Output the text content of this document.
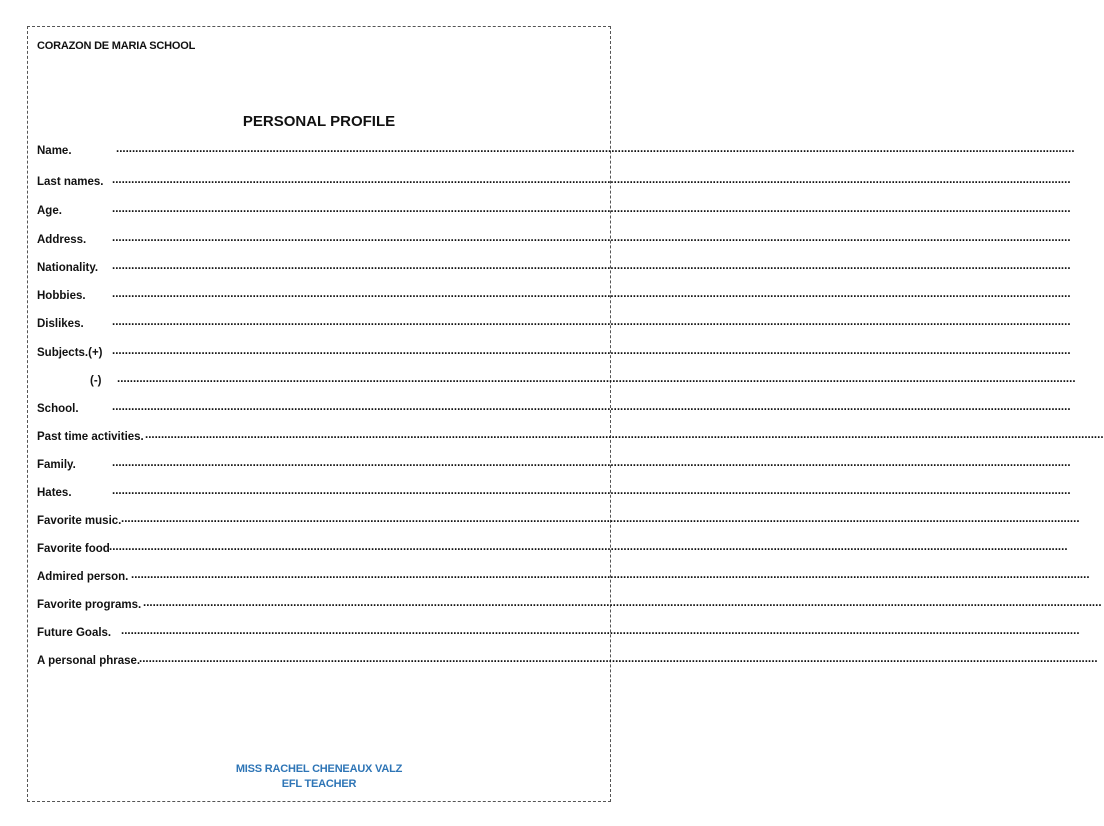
CORAZON DE MARIA SCHOOL
PERSONAL PROFILE
Name.	............................................................................................................................................................................................................................................................................................................
Last names. ............................................................................................................................................................................................................................................................................................................
Age.	............................................................................................................................................................................................................................................................................................................
Address. ............................................................................................................................................................................................................................................................................................................
Nationality. ............................................................................................................................................................................................................................................................................................................
Hobbies. ............................................................................................................................................................................................................................................................................................................
Dislikes. ............................................................................................................................................................................................................................................................................................................
Subjects.(+) ............................................................................................................................................................................................................................................................................................................
(-) ............................................................................................................................................................................................................................................................................................................
School.	............................................................................................................................................................................................................................................................................................................
Past time activities. ............................................................................................................................................................................................................................................................................................................
Family.	............................................................................................................................................................................................................................................................................................................
Hates.	............................................................................................................................................................................................................................................................................................................
Favorite music. ............................................................................................................................................................................................................................................................................................................
Favorite food ............................................................................................................................................................................................................................................................................................................
Admired person. ............................................................................................................................................................................................................................................................................................................
Favorite programs. ............................................................................................................................................................................................................................................................................................................
Future Goals. ............................................................................................................................................................................................................................................................................................................
A personal phrase.
............................................................................................................................................................................................................................................................................................................
MISS RACHEL CHENEAUX VALZ
EFL TEACHER
